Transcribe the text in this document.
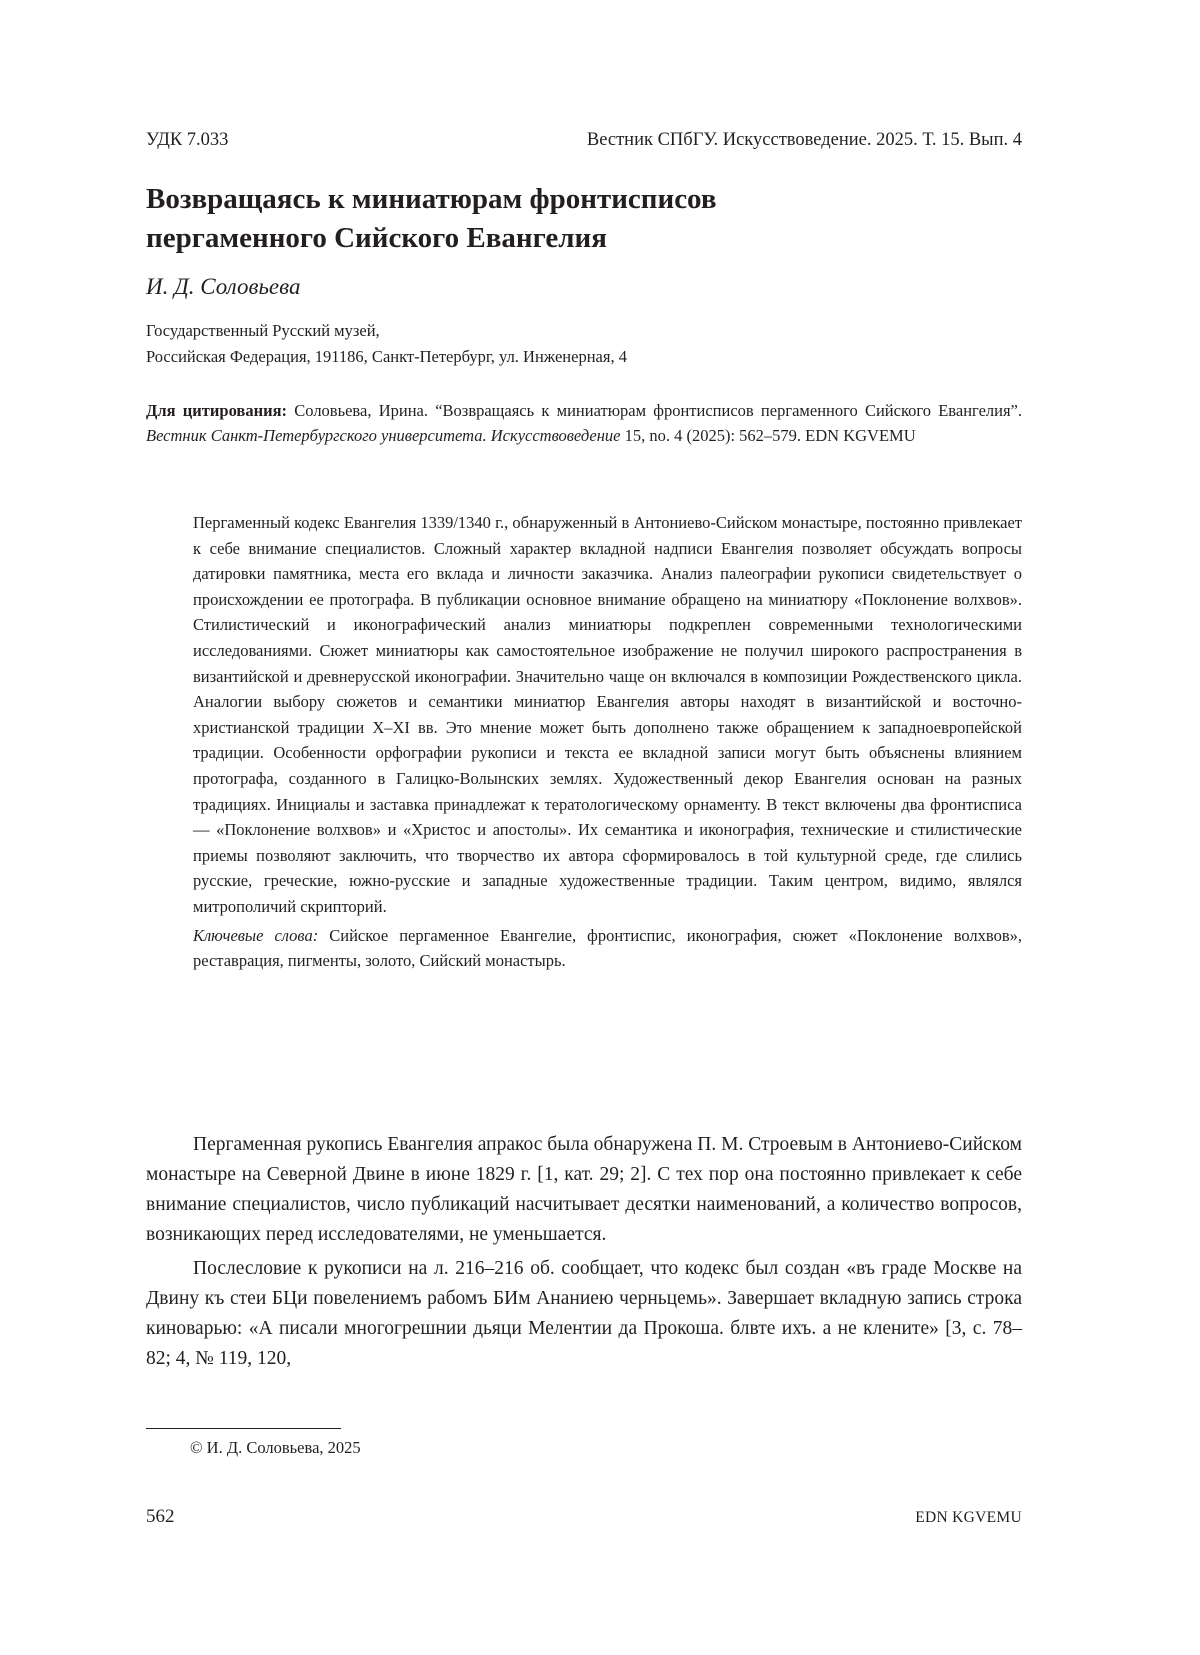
УДК 7.033	Вестник СПбГУ. Искусствоведение. 2025. Т. 15. Вып. 4
Возвращаясь к миниатюрам фронтисписов
пергаменного Сийского Евангелия
И. Д. Соловьева
Государственный Русский музей,
Российская Федерация, 191186, Санкт-Петербург, ул. Инженерная, 4
Для цитирования: Соловьева, Ирина. “Возвращаясь к миниатюрам фронтисписов пергаменного Сийского Евангелия”. Вестник Санкт-Петербургского университета. Искусствоведение 15, no. 4 (2025): 562–579. EDN KGVEMU
Пергаменный кодекс Евангелия 1339/1340 г., обнаруженный в Антониево-Сийском монастыре, постоянно привлекает к себе внимание специалистов. Сложный характер вкладной надписи Евангелия позволяет обсуждать вопросы датировки памятника, места его вклада и личности заказчика. Анализ палеографии рукописи свидетельствует о происхождении ее протографа. В публикации основное внимание обращено на миниатюру «Поклонение волхвов». Стилистический и иконографический анализ миниатюры подкреплен современными технологическими исследованиями. Сюжет миниатюры как самостоятельное изображение не получил широкого распространения в византийской и древнерусской иконографии. Значительно чаще он включался в композиции Рождественского цикла. Аналогии выбору сюжетов и семантики миниатюр Евангелия авторы находят в византийской и восточно-христианской традиции X–XI вв. Это мнение может быть дополнено также обращением к западноевропейской традиции. Особенности орфографии рукописи и текста ее вкладной записи могут быть объяснены влиянием протографа, созданного в Галицко-Волынских землях. Художественный декор Евангелия основан на разных традициях. Инициалы и заставка принадлежат к тератологическому орнаменту. В текст включены два фронтисписа — «Поклонение волхвов» и «Христос и апостолы». Их семантика и иконография, технические и стилистические приемы позволяют заключить, что творчество их автора сформировалось в той культурной среде, где слились русские, греческие, южно-русские и западные художественные традиции. Таким центром, видимо, являлся митрополичий скрипторий.
Ключевые слова: Сийское пергаменное Евангелие, фронтиспис, иконография, сюжет «Поклонение волхвов», реставрация, пигменты, золото, Сийский монастырь.

Пергаменная рукопись Евангелия апракос была обнаружена П. М. Строевым в Антониево-Сийском монастыре на Северной Двине в июне 1829 г. [1, кат. 29; 2]. С тех пор она постоянно привлекает к себе внимание специалистов, число публикаций насчитывает десятки наименований, а количество вопросов, возникающих перед исследователями, не уменьшается.

Послесловие к рукописи на л. 216–216 об. сообщает, что кодекс был создан «въ граде Москве на Двину къ стеи БЦи повелениемъ рабомъ БИм Ананиею черньцемь». Завершает вкладную запись строка киноварью: «А писали многогрешнии дьяци Мелентии да Прокоша. блвте ихъ. а не клените» [3, с. 78–82; 4, № 119, 120,

© И. Д. Соловьева, 2025
562	EDN KGVEMU
